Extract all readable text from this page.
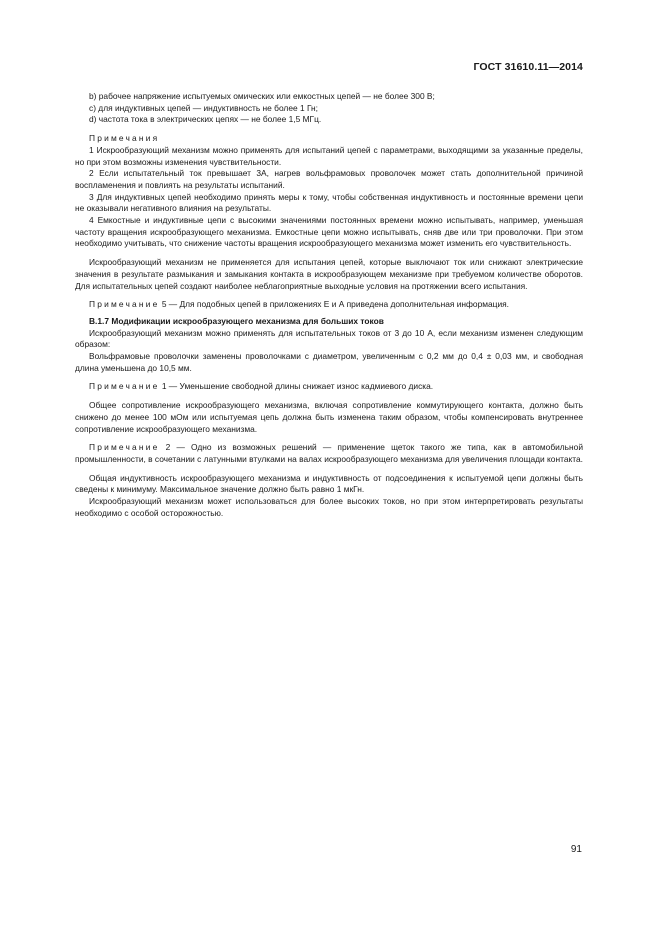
ГОСТ 31610.11—2014

b) рабочее напряжение испытуемых омических или емкостных цепей — не более 300 В;

c) для индуктивных цепей — индуктивность не более 1 Гн;

d) частота тока в электрических цепях — не более 1,5 МГц.

Примечания

1 Искрообразующий механизм можно применять для испытаний цепей с параметрами, выходящими за указанные пределы, но при этом возможны изменения чувствительности.

2 Если испытательный ток превышает 3А, нагрев вольфрамовых проволочек может стать дополнительной причиной воспламенения и повлиять на результаты испытаний.

3 Для индуктивных цепей необходимо принять меры к тому, чтобы собственная индуктивность и постоянные времени цепи не оказывали негативного влияния на результаты.

4 Емкостные и индуктивные цепи с высокими значениями постоянных времени можно испытывать, например, уменьшая частоту вращения искрообразующего механизма. Емкостные цепи можно испытывать, сняв две или три проволочки. При этом необходимо учитывать, что снижение частоты вращения искрообразующего механизма может изменить его чувствительность.

Искрообразующий механизм не применяется для испытания цепей, которые выключают ток или снижают электрические значения в результате размыкания и замыкания контакта в искрообразующем механизме при требуемом количестве оборотов. Для испытательных цепей создают наиболее неблагоприятные выходные условия на протяжении всего испытания.

Примечание 5 — Для подобных цепей в приложениях Е и А приведена дополнительная информация.

В.1.7 Модификации искрообразующего механизма для больших токов

Искрообразующий механизм можно применять для испытательных токов от 3 до 10 А, если механизм изменен следующим образом:

Вольфрамовые проволочки заменены проволочками с диаметром, увеличенным с 0,2 мм до 0,4 ± 0,03 мм, и свободная длина уменьшена до 10,5 мм.

Примечание 1 — Уменьшение свободной длины снижает износ кадмиевого диска.

Общее сопротивление искрообразующего механизма, включая сопротивление коммутирующего контакта, должно быть снижено до менее 100 мОм или испытуемая цепь должна быть изменена таким образом, чтобы компенсировать внутреннее сопротивление искрообразующего механизма.

Примечание 2 — Одно из возможных решений — применение щеток такого же типа, как в автомобильной промышленности, в сочетании с латунными втулками на валах искрообразующего механизма для увеличения площади контакта.

Общая индуктивность искрообразующего механизма и индуктивность от подсоединения к испытуемой цепи должны быть сведены к минимуму. Максимальное значение должно быть равно 1 мкГн.

Искрообразующий механизм может использоваться для более высоких токов, но при этом интерпретировать результаты необходимо с особой осторожностью.

91
